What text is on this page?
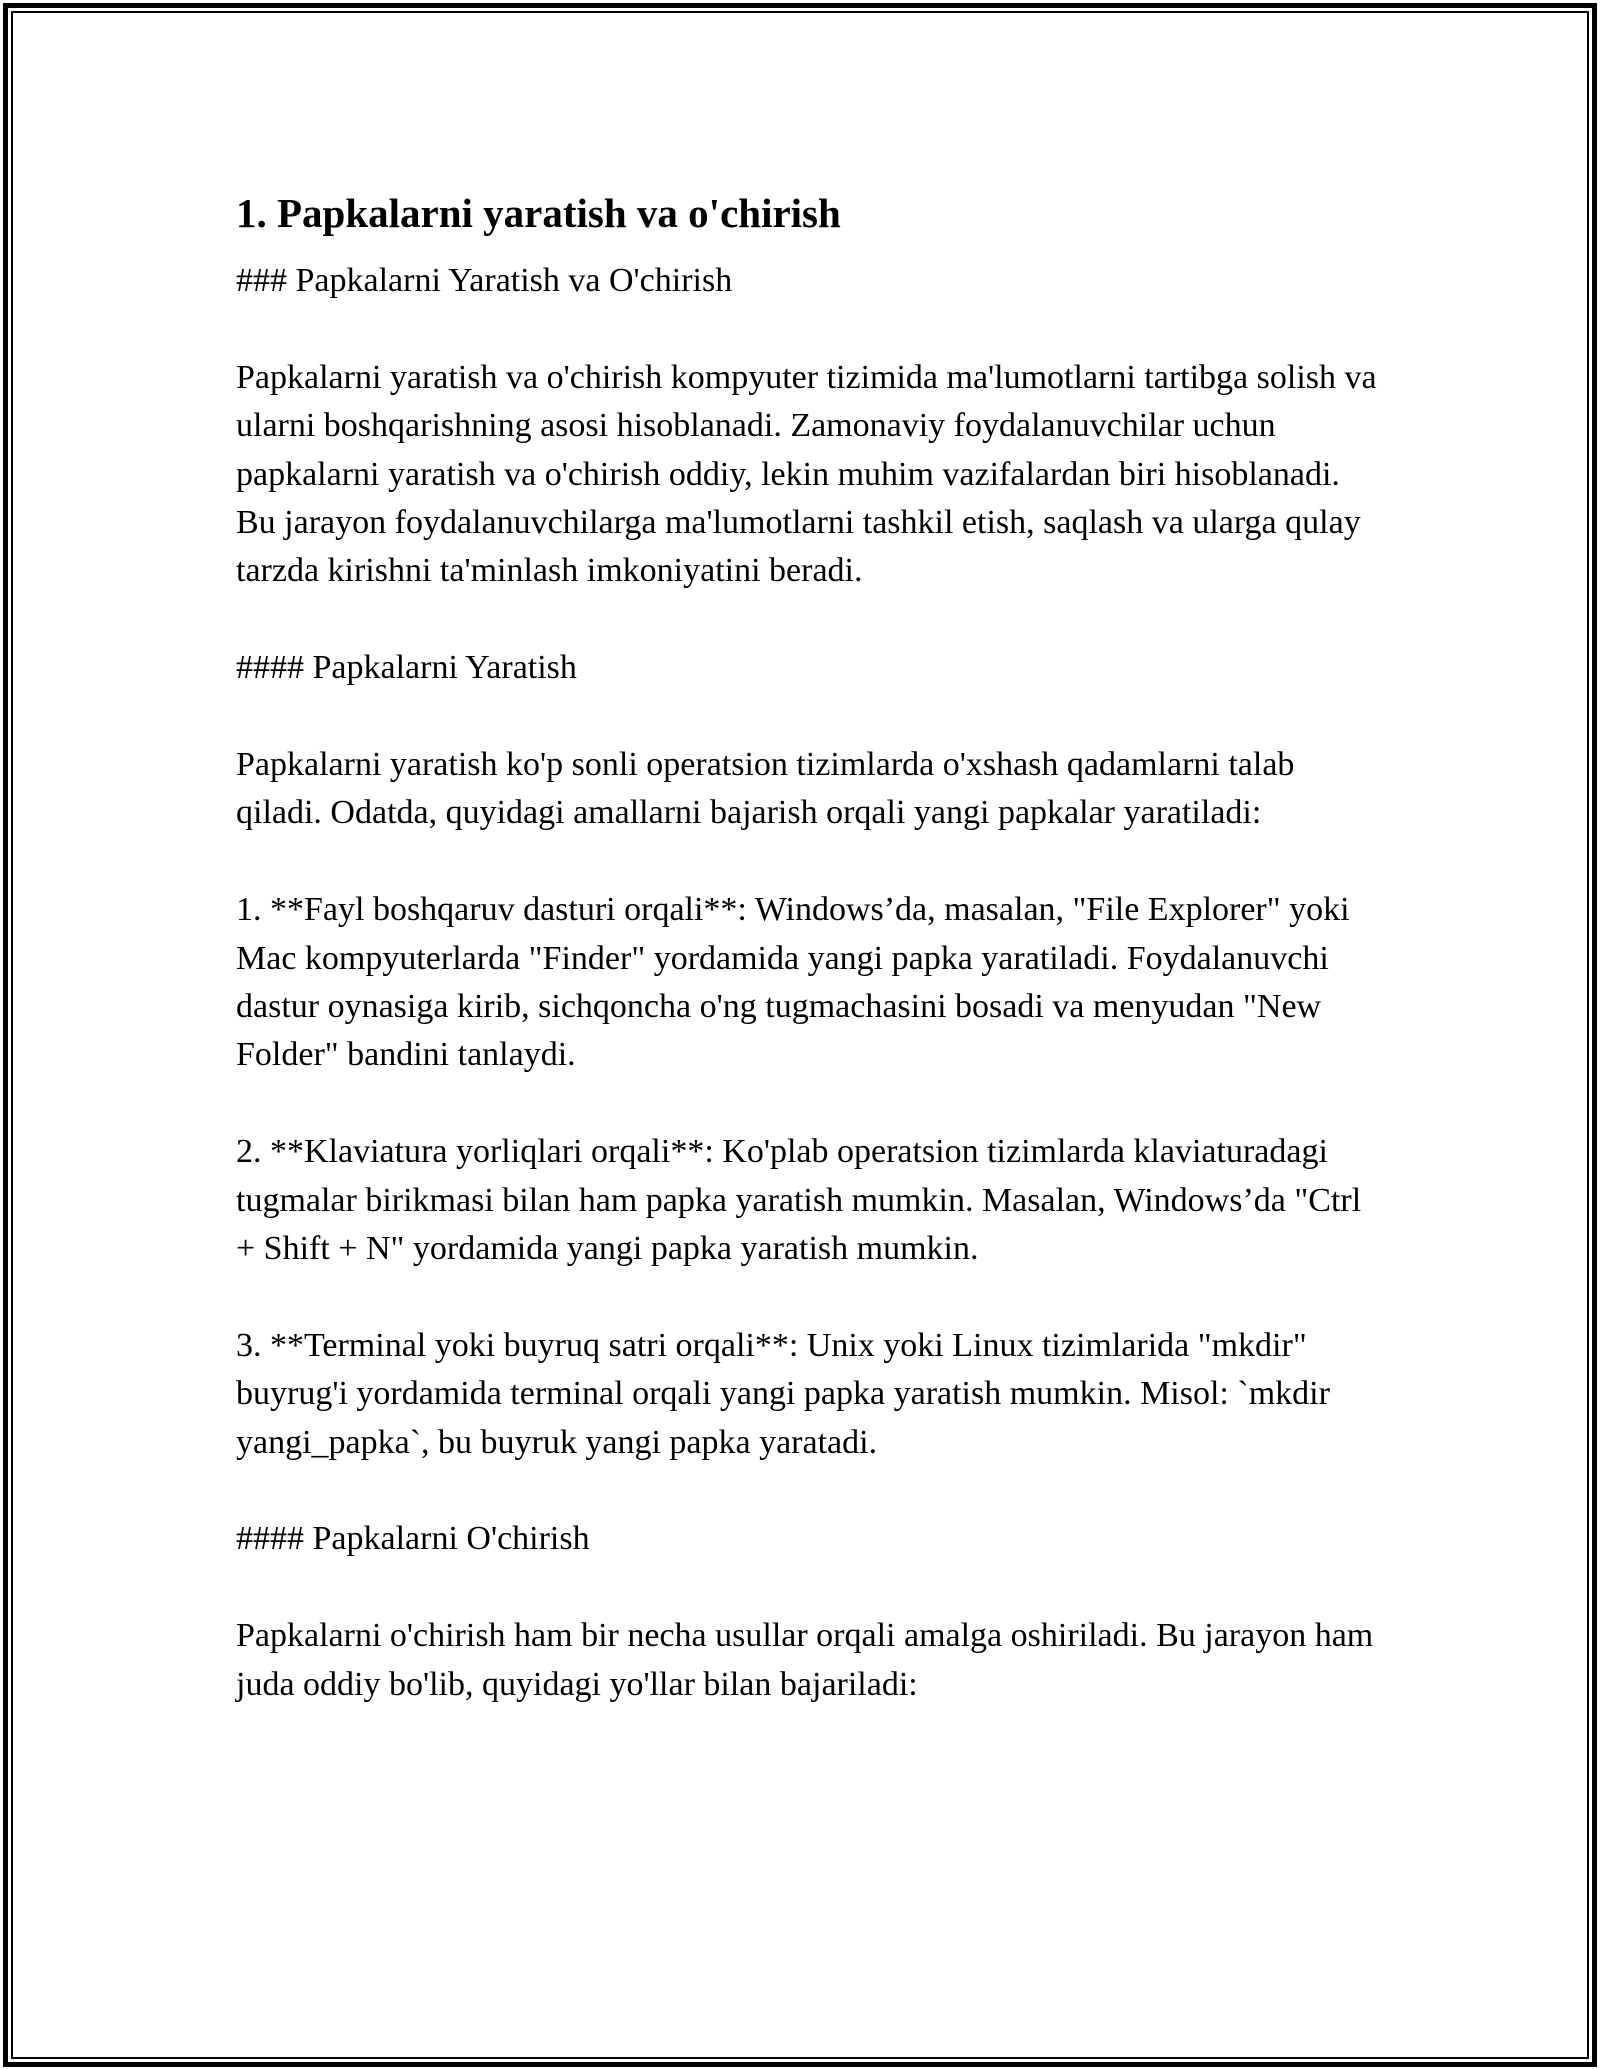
1. Papkalarni yaratish va o'chirish

### Papkalarni Yaratish va O'chirish

Papkalarni yaratish va o'chirish kompyuter tizimida ma'lumotlarni tartibga solish va ularni boshqarishning asosi hisoblanadi. Zamonaviy foydalanuvchilar uchun papkalarni yaratish va o'chirish oddiy, lekin muhim vazifalardan biri hisoblanadi. Bu jarayon foydalanuvchilarga ma'lumotlarni tashkil etish, saqlash va ularga qulay tarzda kirishni ta'minlash imkoniyatini beradi.

#### Papkalarni Yaratish

Papkalarni yaratish ko'p sonli operatsion tizimlarda o'xshash qadamlarni talab qiladi. Odatda, quyidagi amallarni bajarish orqali yangi papkalar yaratiladi:

1. **Fayl boshqaruv dasturi orqali**: Windows’da, masalan, "File Explorer" yoki Mac kompyuterlarda "Finder" yordamida yangi papka yaratiladi. Foydalanuvchi dastur oynasiga kirib, sichqoncha o'ng tugmachasini bosadi va menyudan "New Folder" bandini tanlaydi.

2. **Klaviatura yorliqlari orqali**: Ko'plab operatsion tizimlarda klaviaturadagi tugmalar birikmasi bilan ham papka yaratish mumkin. Masalan, Windows’da "Ctrl + Shift + N" yordamida yangi papka yaratish mumkin.

3. **Terminal yoki buyruq satri orqali**: Unix yoki Linux tizimlarida "mkdir" buyrug'i yordamida terminal orqali yangi papka yaratish mumkin. Misol: `mkdir yangi_papka`, bu buyruk yangi papka yaratadi.

#### Papkalarni O'chirish

Papkalarni o'chirish ham bir necha usullar orqali amalga oshiriladi. Bu jarayon ham juda oddiy bo'lib, quyidagi yo'llar bilan bajariladi:
